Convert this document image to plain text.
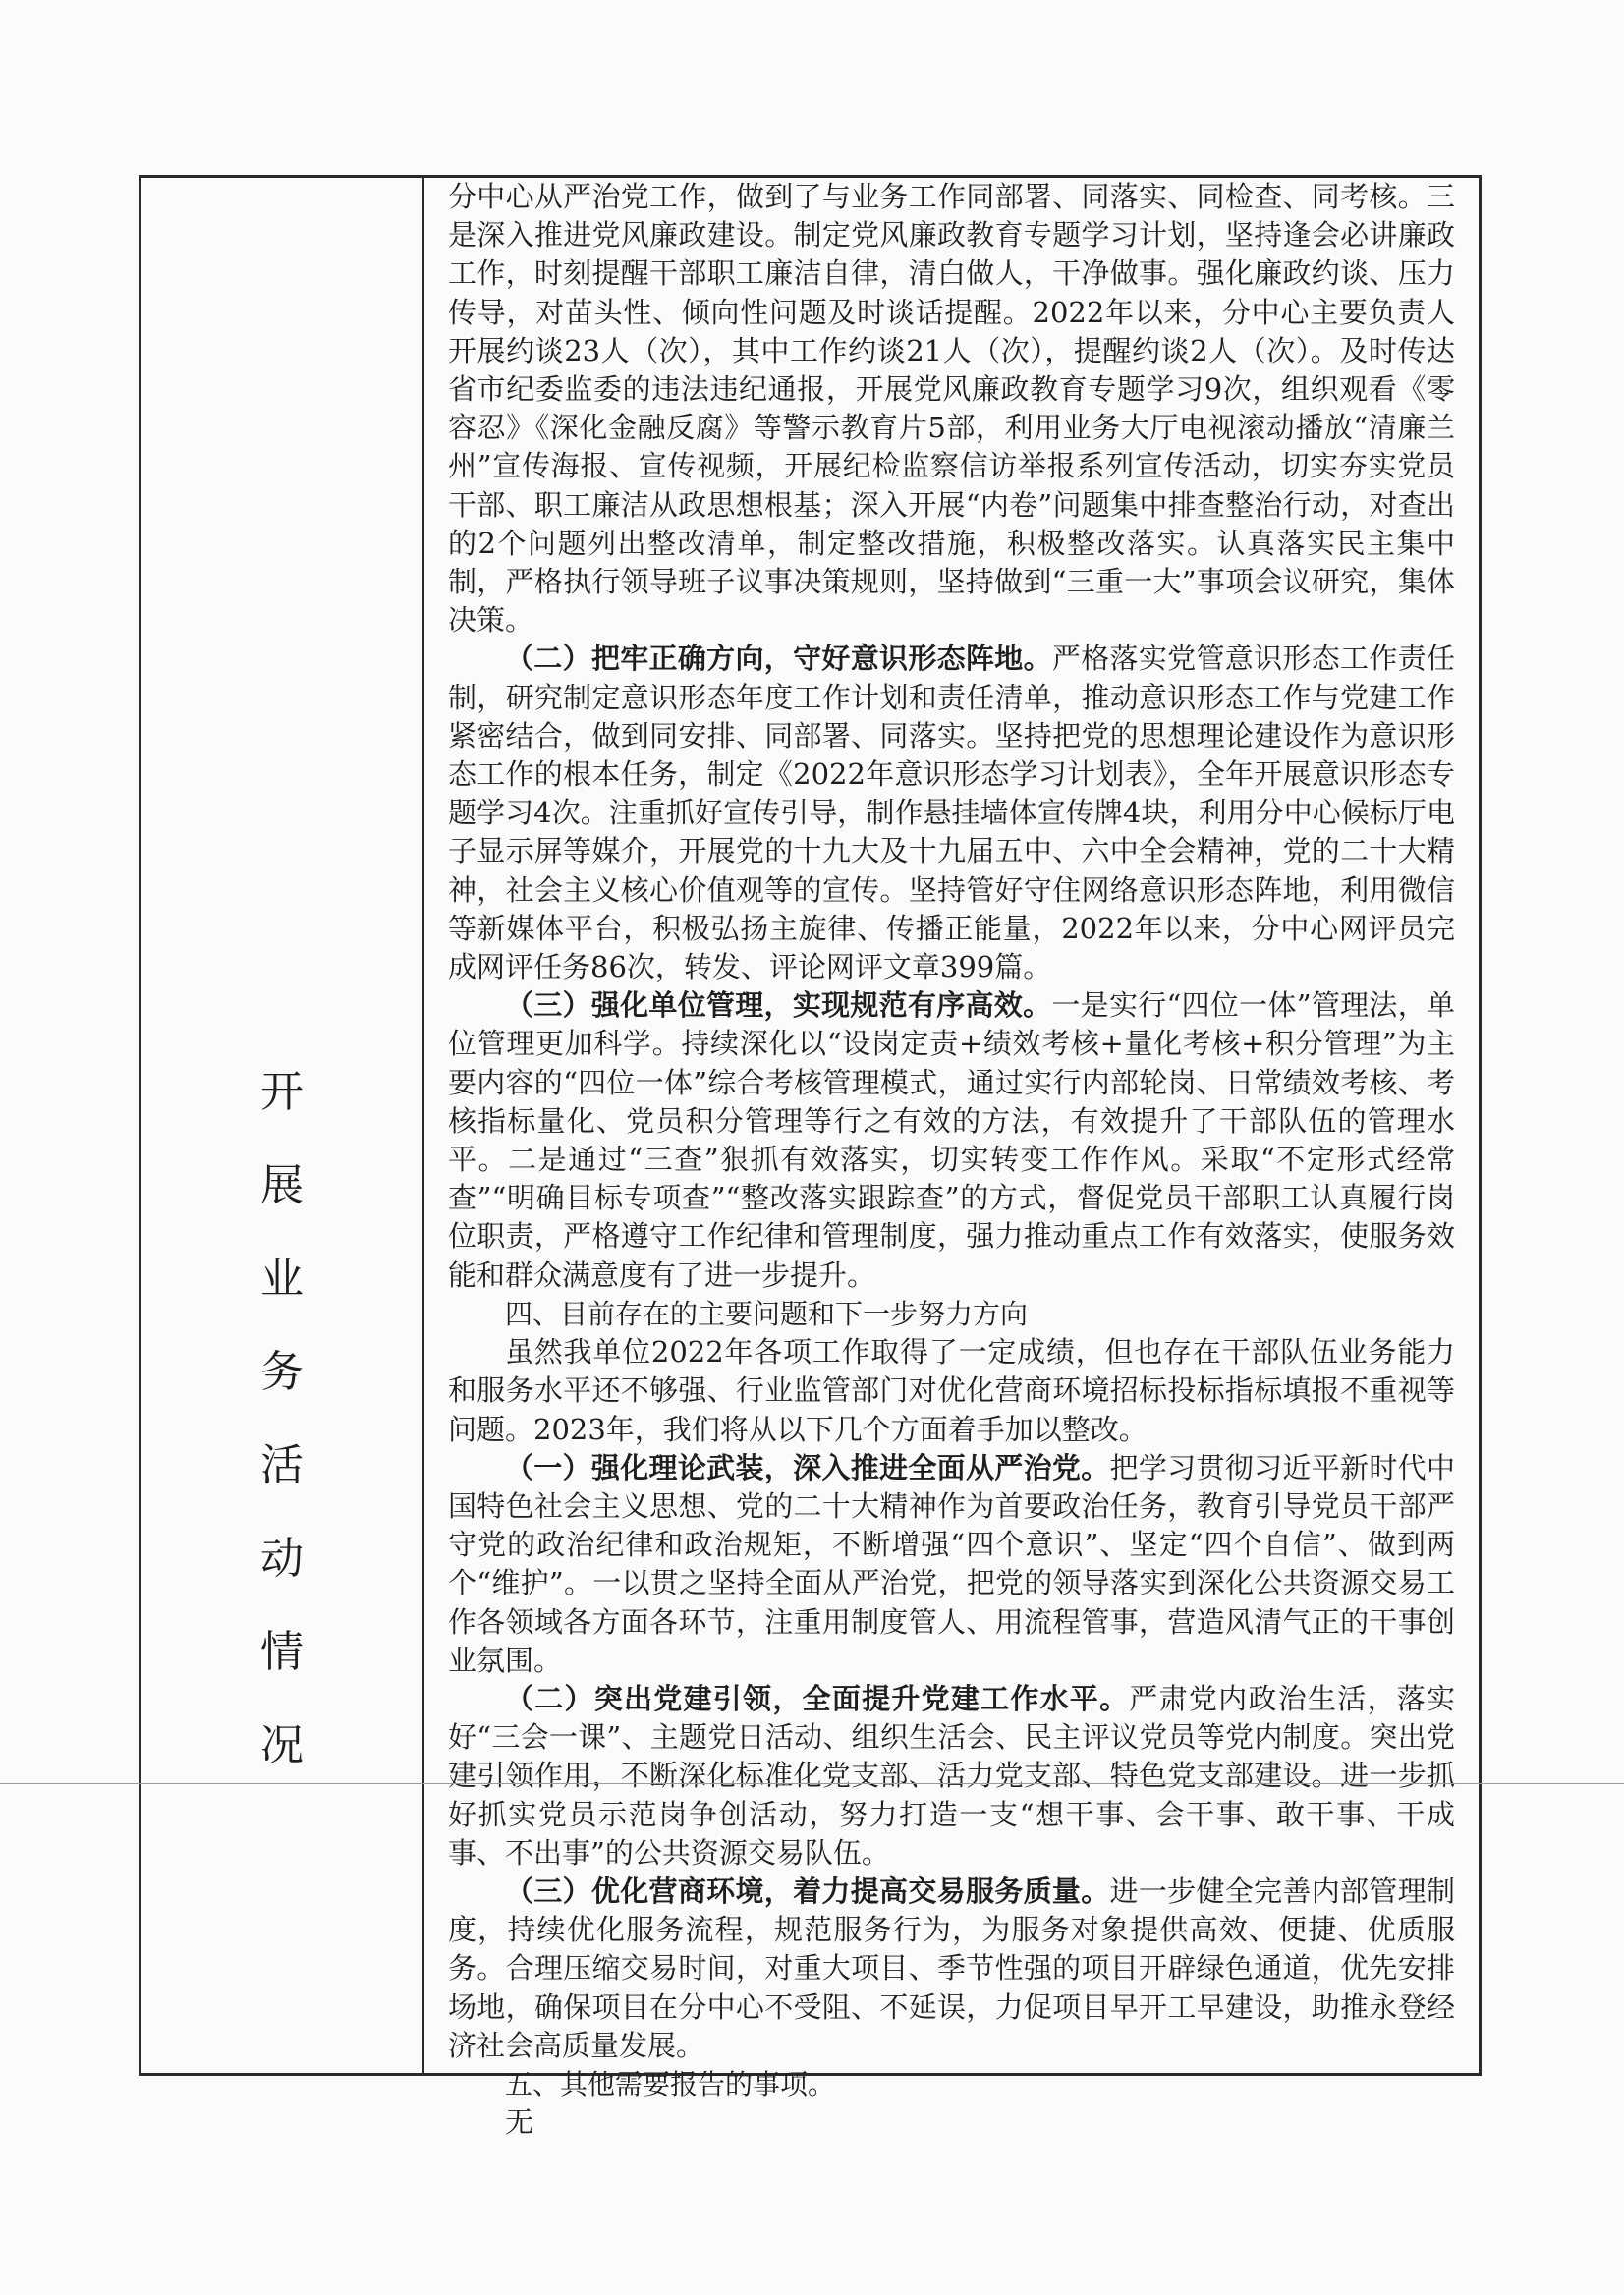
开
展
业
务
活
动
情
况

分中心从严治党工作，做到了与业务工作同部署、同落实、同检查、同考核。三是深入推进党风廉政建设。制定党风廉政教育专题学习计划，坚持逢会必讲廉政工作，时刻提醒干部职工廉洁自律，清白做人，干净做事。强化廉政约谈、压力传导，对苗头性、倾向性问题及时谈话提醒。2022年以来，分中心主要负责人开展约谈23人（次），其中工作约谈21人（次），提醒约谈2人（次）。及时传达省市纪委监委的违法违纪通报，开展党风廉政教育专题学习9次，组织观看《零容忍》《深化金融反腐》等警示教育片5部，利用业务大厅电视滚动播放“清廉兰州”宣传海报、宣传视频，开展纪检监察信访举报系列宣传活动，切实夯实党员干部、职工廉洁从政思想根基；深入开展“内卷”问题集中排查整治行动，对查出的2个问题列出整改清单，制定整改措施，积极整改落实。认真落实民主集中制，严格执行领导班子议事决策规则，坚持做到“三重一大”事项会议研究，集体决策。

（二）把牢正确方向，守好意识形态阵地。严格落实党管意识形态工作责任制，研究制定意识形态年度工作计划和责任清单，推动意识形态工作与党建工作紧密结合，做到同安排、同部署、同落实。坚持把党的思想理论建设作为意识形态工作的根本任务，制定《2022年意识形态学习计划表》，全年开展意识形态专题学习4次。注重抓好宣传引导，制作悬挂墙体宣传牌4块，利用分中心候标厅电子显示屏等媒介，开展党的十九大及十九届五中、六中全会精神，党的二十大精神，社会主义核心价值观等的宣传。坚持管好守住网络意识形态阵地，利用微信等新媒体平台，积极弘扬主旋律、传播正能量，2022年以来，分中心网评员完成网评任务86次，转发、评论网评文章399篇。

（三）强化单位管理，实现规范有序高效。一是实行“四位一体”管理法，单位管理更加科学。持续深化以“设岗定责+绩效考核+量化考核+积分管理”为主要内容的“四位一体”综合考核管理模式，通过实行内部轮岗、日常绩效考核、考核指标量化、党员积分管理等行之有效的方法，有效提升了干部队伍的管理水平。二是通过“三查”狠抓有效落实，切实转变工作作风。采取“不定形式经常查”“明确目标专项查”“整改落实跟踪查”的方式，督促党员干部职工认真履行岗位职责，严格遵守工作纪律和管理制度，强力推动重点工作有效落实，使服务效能和群众满意度有了进一步提升。

四、目前存在的主要问题和下一步努力方向

虽然我单位2022年各项工作取得了一定成绩，但也存在干部队伍业务能力和服务水平还不够强、行业监管部门对优化营商环境招标投标指标填报不重视等问题。2023年，我们将从以下几个方面着手加以整改。

（一）强化理论武装，深入推进全面从严治党。把学习贯彻习近平新时代中国特色社会主义思想、党的二十大精神作为首要政治任务，教育引导党员干部严守党的政治纪律和政治规矩，不断增强“四个意识”、坚定“四个自信”、做到两个“维护”。一以贯之坚持全面从严治党，把党的领导落实到深化公共资源交易工作各领域各方面各环节，注重用制度管人、用流程管事，营造风清气正的干事创业氛围。

（二）突出党建引领，全面提升党建工作水平。严肃党内政治生活，落实好“三会一课”、主题党日活动、组织生活会、民主评议党员等党内制度。突出党建引领作用，不断深化标准化党支部、活力党支部、特色党支部建设。进一步抓好抓实党员示范岗争创活动，努力打造一支“想干事、会干事、敢干事、干成事、不出事”的公共资源交易队伍。

（三）优化营商环境，着力提高交易服务质量。进一步健全完善内部管理制度，持续优化服务流程，规范服务行为，为服务对象提供高效、便捷、优质服务。合理压缩交易时间，对重大项目、季节性强的项目开辟绿色通道，优先安排场地，确保项目在分中心不受阻、不延误，力促项目早开工早建设，助推永登经济社会高质量发展。

五、其他需要报告的事项。

无
